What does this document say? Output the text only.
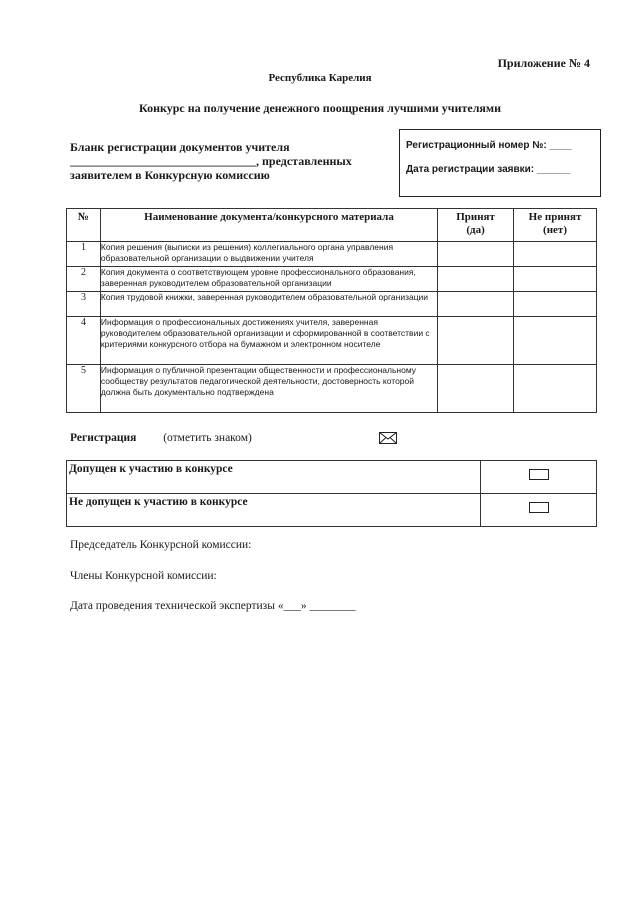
Приложение № 4
Республика Карелия
Конкурс на получение денежного поощрения лучшими учителями
Бланк регистрации документов учителя
_______________________________, представленных
заявителем в Конкурсную комиссию
Регистрационный номер №: ____
Дата регистрации заявки: ______
№	Наименование документа/конкурсного материала	Принят (да)	Не принят (нет)
1	Копия решения (выписки из решения) коллегиального органа управления образовательной организации о выдвижении учителя		
2	Копия документа о соответствующем уровне профессионального образования, заверенная руководителем образовательной организации		
3	Копия трудовой книжки, заверенная руководителем образовательной организации		
4	Информация о профессиональных достижениях учителя, заверенная руководителем образовательной организации и сформированной в соответствии с критериями конкурсного отбора на бумажном и электронном носителе		
5	Информация о публичной презентации общественности и профессиональному сообществу результатов педагогической деятельности, достоверность которой должна быть документально подтверждена		
Регистрация (отметить знаком)
Допущен к участию в конкурсе	

Не допущен к участию в конкурсе	
Председатель Конкурсной комиссии:
Члены Конкурсной комиссии:
Дата проведения технической экспертизы «___» ________
